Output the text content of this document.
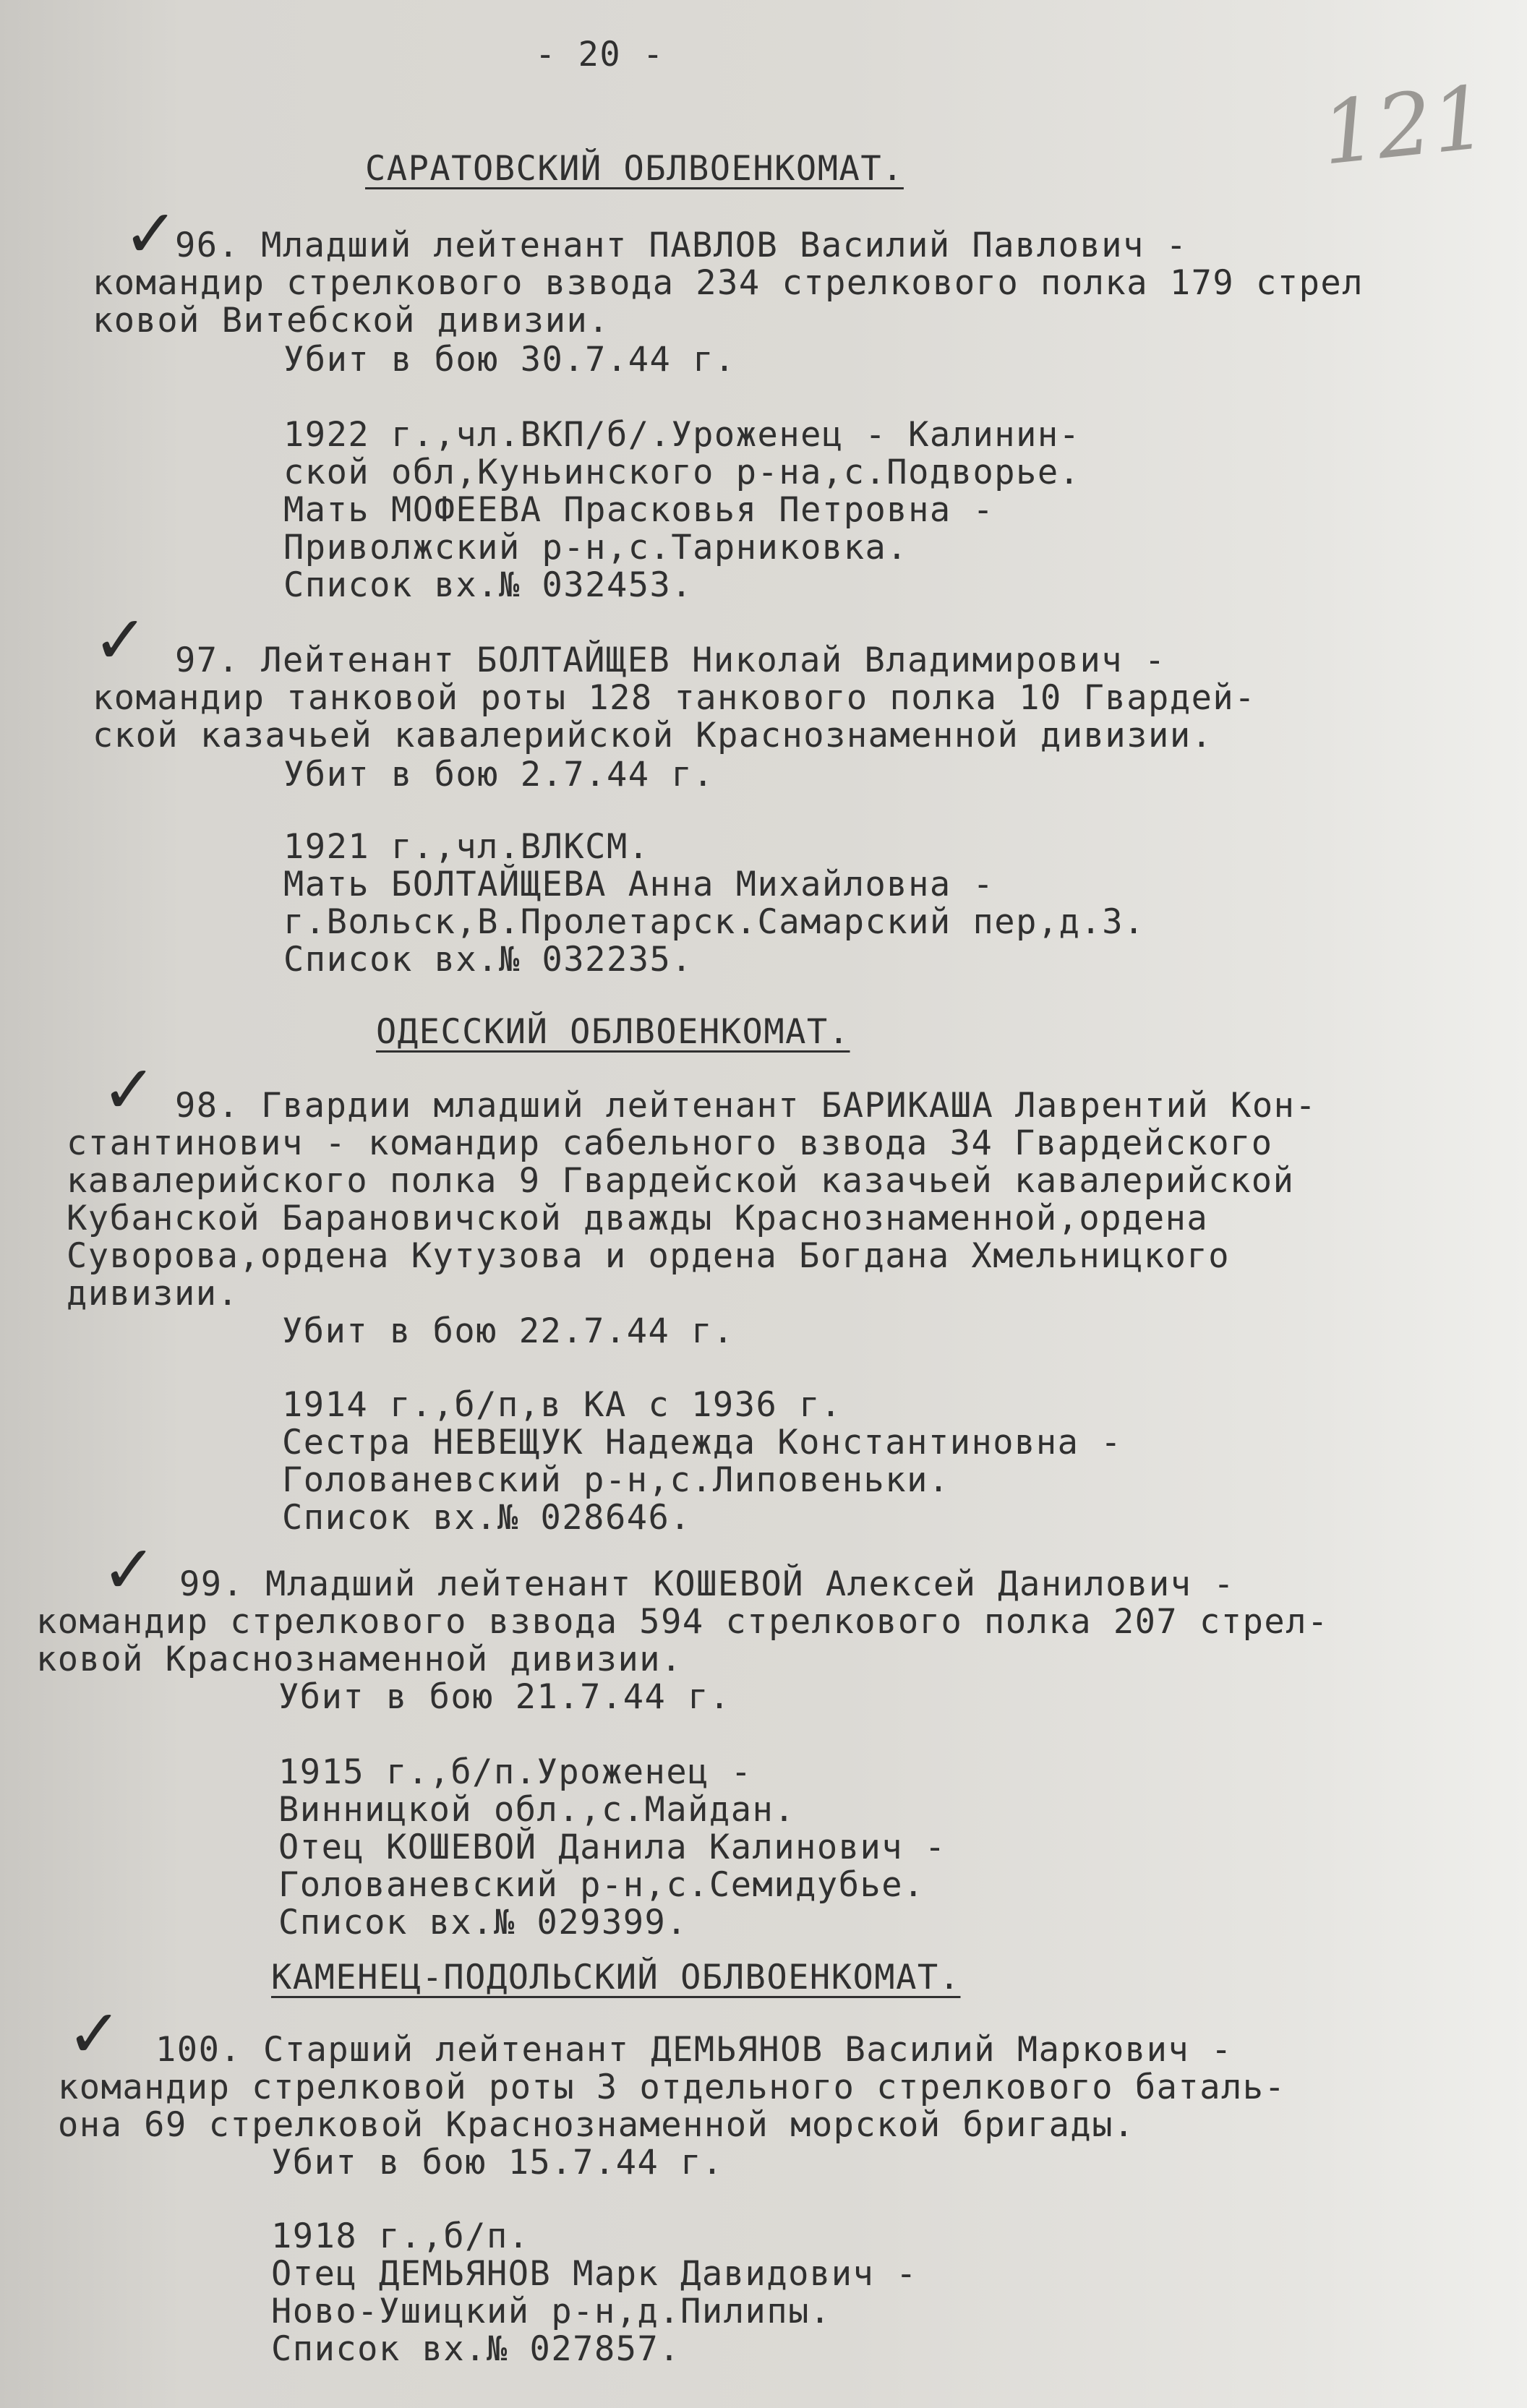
121
- 20 -
САРАТОВСКИЙ ОБЛВОЕНКОМАТ.
✓
96. Младший лейтенант ПАВЛОВ Василий Павлович -
командир стрелкового взвода 234 стрелкового полка 179 стрел
ковой Витебской дивизии.
Убит в бою 30.7.44 г.
1922 г.,чл.ВКП/б/.Уроженец - Калинин-
ской обл,Куньинского р-на,с.Подворье.
Мать МОФЕЕВА Прасковья Петровна -
Приволжский р-н,с.Тарниковка.
Список вх.№ 032453.
✓ 97. Лейтенант БОЛТАЙЩЕВ Николай Владимирович -
командир танковой роты 128 танкового полка 10 Гвардей-
ской казачьей кавалерийской Краснознаменной дивизии.
Убит в бою 2.7.44 г.
1921 г.,чл.ВЛКСМ.
Мать БОЛТАЙЩЕВА Анна Михайловна -
г.Вольск,В.Пролетарск.Самарский пер,д.3.
Список вх.№ 032235.
ОДЕССКИЙ ОБЛВОЕНКОМАТ.
✓ 98. Гвардии младший лейтенант БАРИКАША Лаврентий Кон-
стантинович - командир сабельного взвода 34 Гвардейского
кавалерийского полка 9 Гвардейской казачьей кавалерийской
Кубанской Барановичской дважды Краснознаменной,ордена
Суворова,ордена Кутузова и ордена Богдана Хмельницкого
дивизии.
Убит в бою 22.7.44 г.
1914 г.,б/п,в КА с 1936 г.
Сестра НЕВЕЩУК Надежда Константиновна -
Голованевский р-н,с.Липовеньки.
Список вх.№ 028646.
✓ 99. Младший лейтенант КОШЕВОЙ Алексей Данилович -
командир стрелкового взвода 594 стрелкового полка 207 стрел-
ковой Краснознаменной дивизии.
Убит в бою 21.7.44 г.
1915 г.,б/п.Уроженец -
Винницкой обл.,с.Майдан.
Отец КОШЕВОЙ Данила Калинович -
Голованевский р-н,с.Семидубье.
Список вх.№ 029399.
КАМЕНЕЦ-ПОДОЛЬСКИЙ ОБЛВОЕНКОМАТ.
✓ 100. Старший лейтенант ДЕМЬЯНОВ Василий Маркович -
командир стрелковой роты 3 отдельного стрелкового баталь-
она 69 стрелковой Краснознаменной морской бригады.
Убит в бою 15.7.44 г.
1918 г.,б/п.
Отец ДЕМЬЯНОВ Марк Давидович -
Ново-Ушицкий р-н,д.Пилипы.
Список вх.№ 027857.
